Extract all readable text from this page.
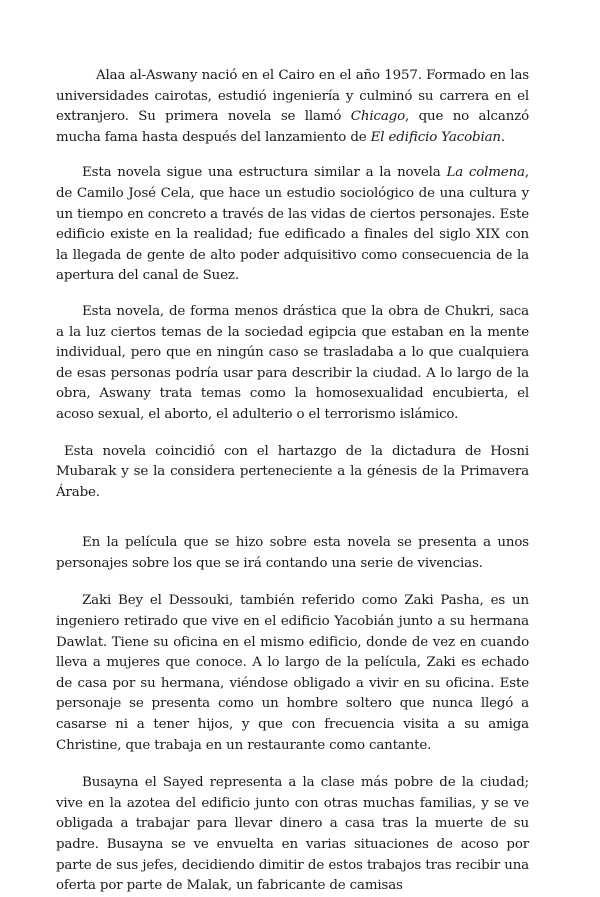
Alaa al-Aswany nació en el Cairo en el año 1957. Formado en las universidades cairotas, estudió ingeniería y culminó su carrera en el extranjero. Su primera novela se llamó Chicago, que no alcanzó mucha fama hasta después del lanzamiento de El edificio Yacobian.

Esta novela sigue una estructura similar a la novela La colmena, de Camilo José Cela, que hace un estudio sociológico de una cultura y un tiempo en concreto a través de las vidas de ciertos personajes. Este edificio existe en la realidad; fue edificado a finales del siglo XIX con la llegada de gente de alto poder adquisitivo como consecuencia de la apertura del canal de Suez.

Esta novela, de forma menos drástica que la obra de Chukri, saca a la luz ciertos temas de la sociedad egipcia que estaban en la mente individual, pero que en ningún caso se trasladaba a lo que cualquiera de esas personas podría usar para describir la ciudad. A lo largo de la obra, Aswany trata temas como la homosexualidad encubierta, el acoso sexual, el aborto, el adulterio o el terrorismo islámico.

Esta novela coincidió con el hartazgo de la dictadura de Hosni Mubarak y se la considera perteneciente a la génesis de la Primavera Árabe.

En la película que se hizo sobre esta novela se presenta a unos personajes sobre los que se irá contando una serie de vivencias.

Zaki Bey el Dessouki, también referido como Zaki Pasha, es un ingeniero retirado que vive en el edificio Yacobián junto a su hermana Dawlat. Tiene su oficina en el mismo edificio, donde de vez en cuando lleva a mujeres que conoce. A lo largo de la película, Zaki es echado de casa por su hermana, viéndose obligado a vivir en su oficina. Este personaje se presenta como un hombre soltero que nunca llegó a casarse ni a tener hijos, y que con frecuencia visita a su amiga Christine, que trabaja en un restaurante como cantante.

Busayna el Sayed representa a la clase más pobre de la ciudad; vive en la azotea del edificio junto con otras muchas familias, y se ve obligada a trabajar para llevar dinero a casa tras la muerte de su padre. Busayna se ve envuelta en varias situaciones de acoso por parte de sus jefes, decidiendo dimitir de estos trabajos tras recibir una oferta por parte de Malak, un fabricante de camisas
